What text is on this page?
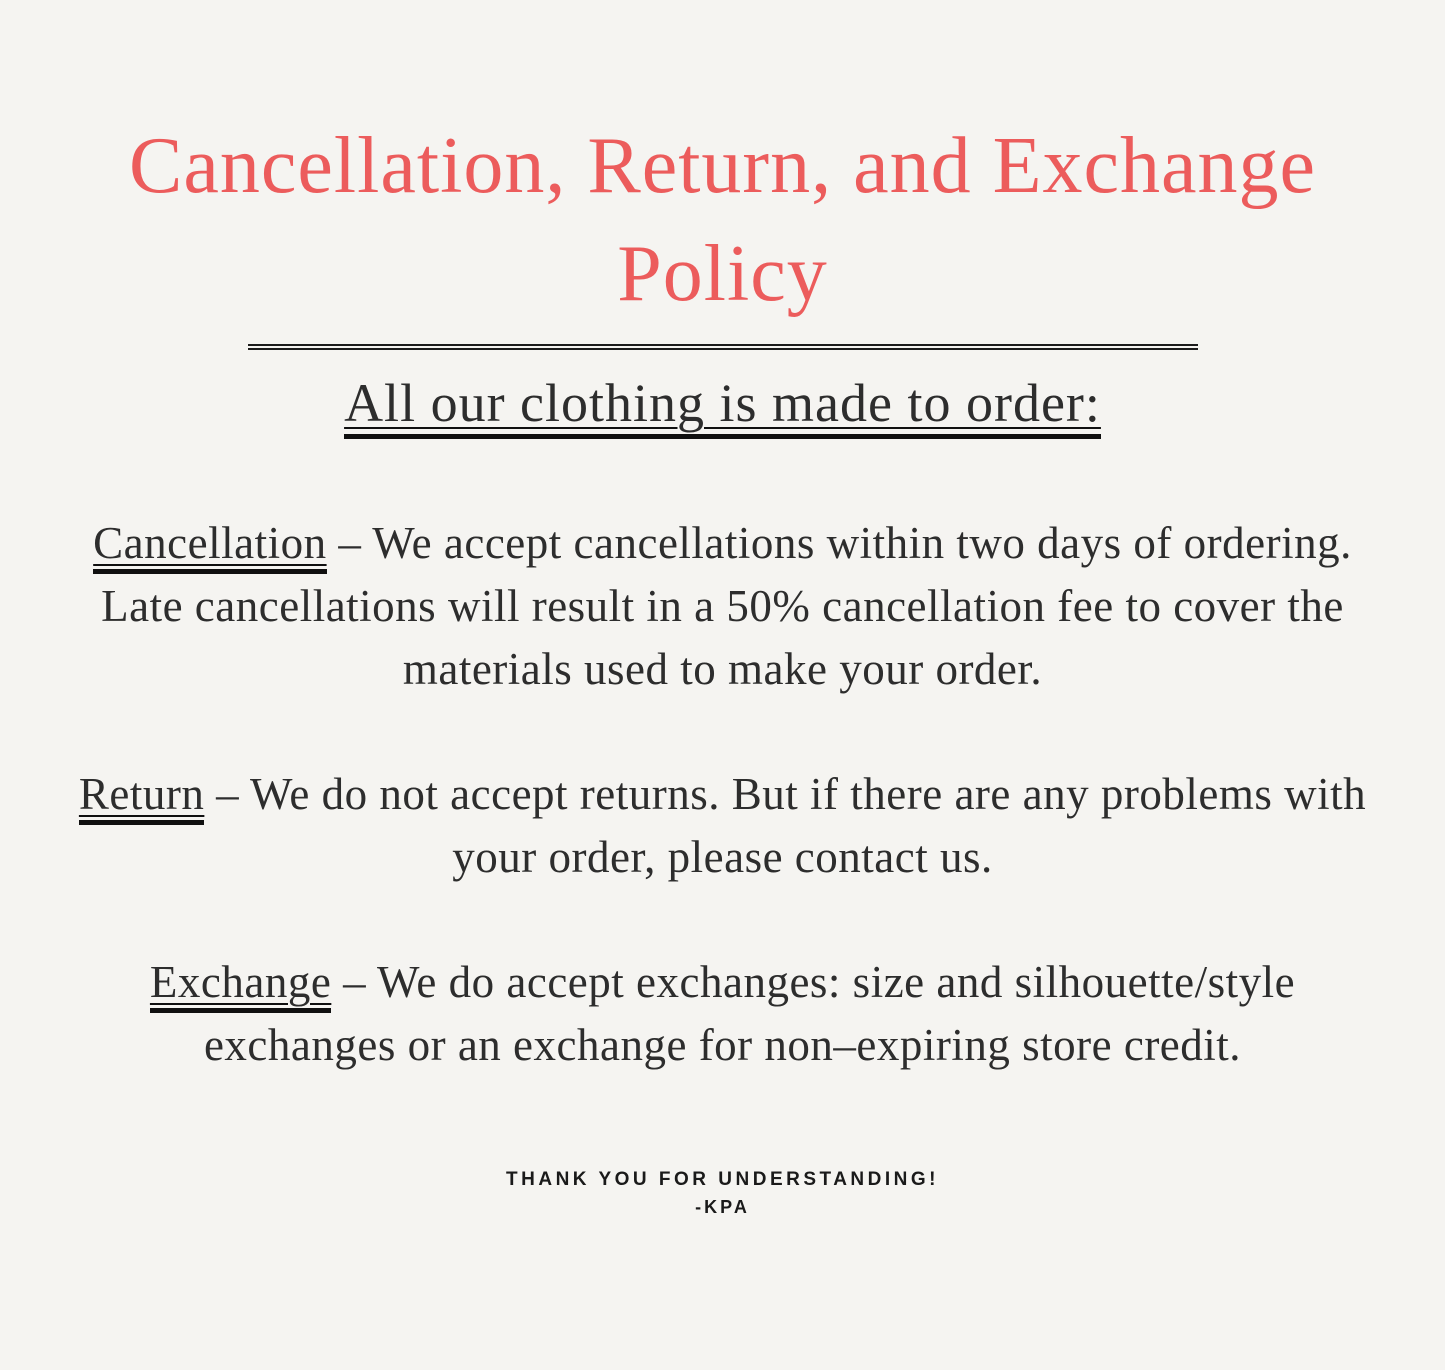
Cancellation, Return, and Exchange Policy
All our clothing is made to order:

Cancellation – We accept cancellations within two days of ordering. Late cancellations will result in a 50% cancellation fee to cover the materials used to make your order.

Return – We do not accept returns. But if there are any problems with your order, please contact us.

Exchange – We do accept exchanges: size and silhouette/style exchanges or an exchange for non–expiring store credit.

THANK YOU FOR UNDERSTANDING!
-KPA
